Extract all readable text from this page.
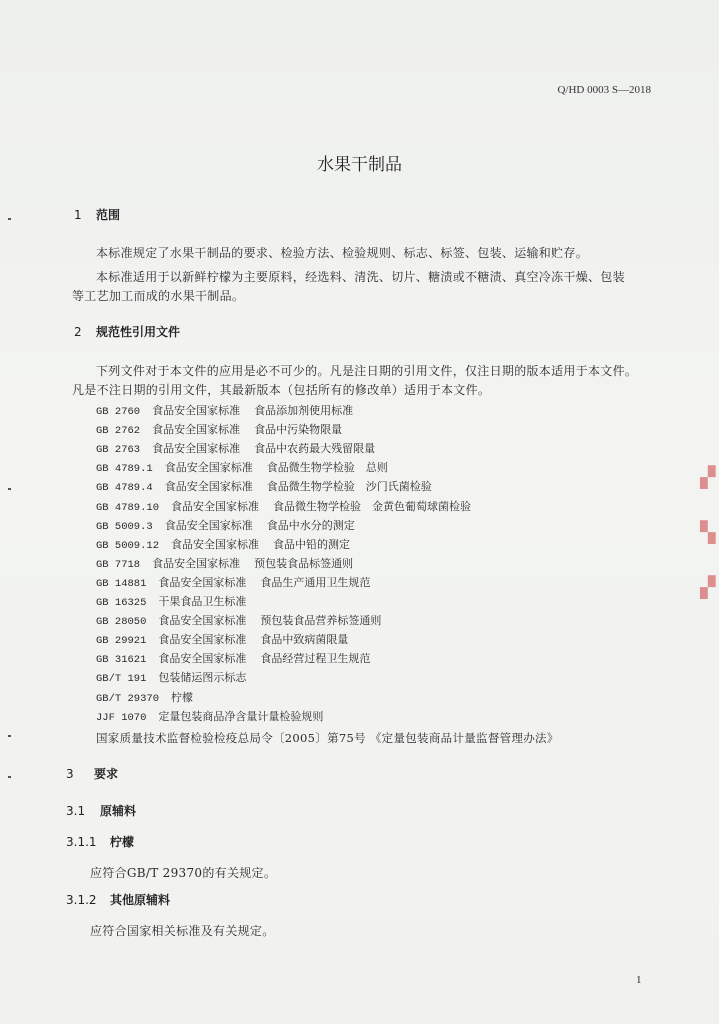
Q/HD 0003 S—2018
水果干制品
1 范围
本标准规定了水果干制品的要求、检验方法、检验规则、标志、标签、包装、运输和贮存。
本标准适用于以新鲜柠檬为主要原料，经选料、清洗、切片、糖渍或不糖渍、真空冷冻干燥、包装
等工艺加工而成的水果干制品。
2 规范性引用文件
下列文件对于本文件的应用是必不可少的。凡是注日期的引用文件，仅注日期的版本适用于本文件。
凡是不注日期的引用文件，其最新版本（包括所有的修改单）适用于本文件。
GB 2760 食品安全国家标准 食品添加剂使用标准
GB 2762 食品安全国家标准 食品中污染物限量
GB 2763 食品安全国家标准 食品中农药最大残留限量
GB 4789.1 食品安全国家标准 食品微生物学检验　总则
GB 4789.4 食品安全国家标准 食品微生物学检验　沙门氏菌检验
GB 4789.10 食品安全国家标准 食品微生物学检验　金黄色葡萄球菌检验
GB 5009.3 食品安全国家标准 食品中水分的测定
GB 5009.12 食品安全国家标准 食品中铅的测定
GB 7718 食品安全国家标准 预包装食品标签通则
GB 14881 食品安全国家标准 食品生产通用卫生规范
GB 16325 干果食品卫生标准
GB 28050 食品安全国家标准 预包装食品营养标签通则
GB 29921 食品安全国家标准 食品中致病菌限量
GB 31621 食品安全国家标准 食品经营过程卫生规范
GB/T 191 包装储运图示标志
GB/T 29370 柠檬
JJF 1070 定量包装商品净含量计量检验规则
国家质量技术监督检验检疫总局令〔2005〕第75号 《定量包装商品计量监督管理办法》
3 要求
3.1 原辅料
3.1.1 柠檬
应符合GB/T 29370的有关规定。
3.1.2 其他原辅料
应符合国家相关标准及有关规定。
1
▞
▚
▞
